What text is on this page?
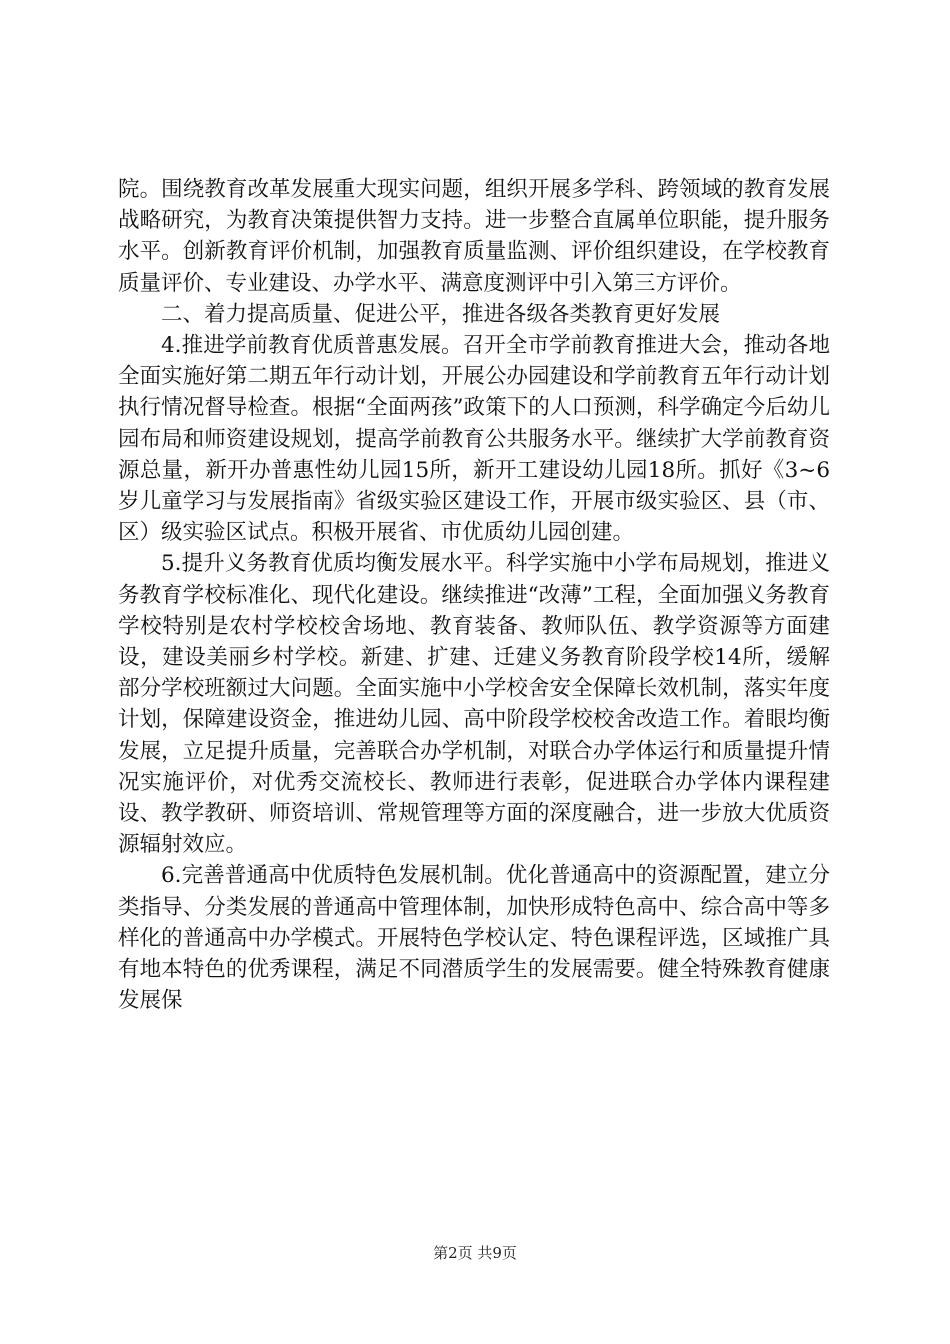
院。围绕教育改革发展重大现实问题，组织开展多学科、跨领域的教育发展战略研究，为教育决策提供智力支持。进一步整合直属单位职能，提升服务水平。创新教育评价机制，加强教育质量监测、评价组织建设，在学校教育质量评价、专业建设、办学水平、满意度测评中引入第三方评价。

二、着力提高质量、促进公平，推进各级各类教育更好发展

4.推进学前教育优质普惠发展。召开全市学前教育推进大会，推动各地全面实施好第二期五年行动计划，开展公办园建设和学前教育五年行动计划执行情况督导检查。根据“全面两孩”政策下的人口预测，科学确定今后幼儿园布局和师资建设规划，提高学前教育公共服务水平。继续扩大学前教育资源总量，新开办普惠性幼儿园15所，新开工建设幼儿园18所。抓好《3~6岁儿童学习与发展指南》省级实验区建设工作，开展市级实验区、县（市、区）级实验区试点。积极开展省、市优质幼儿园创建。

5.提升义务教育优质均衡发展水平。科学实施中小学布局规划，推进义务教育学校标准化、现代化建设。继续推进“改薄”工程，全面加强义务教育学校特别是农村学校校舍场地、教育装备、教师队伍、教学资源等方面建设，建设美丽乡村学校。新建、扩建、迁建义务教育阶段学校14所，缓解部分学校班额过大问题。全面实施中小学校舍安全保障长效机制，落实年度计划，保障建设资金，推进幼儿园、高中阶段学校校舍改造工作。着眼均衡发展，立足提升质量，完善联合办学机制，对联合办学体运行和质量提升情况实施评价，对优秀交流校长、教师进行表彰，促进联合办学体内课程建设、教学教研、师资培训、常规管理等方面的深度融合，进一步放大优质资源辐射效应。

6.完善普通高中优质特色发展机制。优化普通高中的资源配置，建立分类指导、分类发展的普通高中管理体制，加快形成特色高中、综合高中等多样化的普通高中办学模式。开展特色学校认定、特色课程评选，区域推广具有地本特色的优秀课程，满足不同潜质学生的发展需要。健全特殊教育健康发展保

第2页 共9页
